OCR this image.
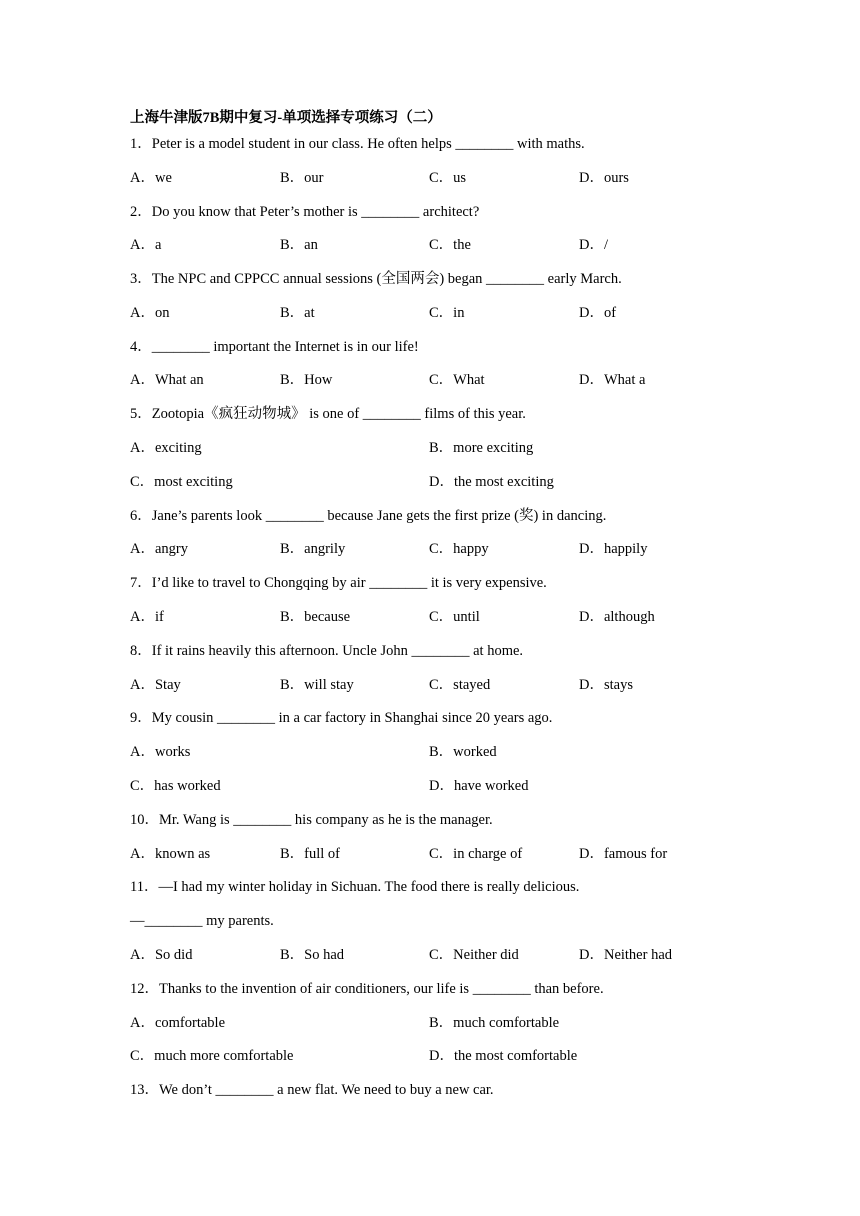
上海牛津版7B期中复习-单项选择专项练习（二）
1．Peter is a model student in our class. He often helps ________ with maths.
A．we	B．our	C．us	D．ours
2．Do you know that Peter’s mother is ________ architect?
A．a	B．an	C．the	D．/
3．The NPC and CPPCC annual sessions (全国两会) began ________ early March.
A．on	B．at	C．in	D．of
4．________ important the Internet is in our life!
A．What an	B．How	C．What	D．What a
5．Zootopia《疯狂动物城》 is one of ________ films of this year.
A．exciting	B．more exciting
C．most exciting	D．the most exciting
6．Jane’s parents look ________ because Jane gets the first prize (奖) in dancing.
A．angry	B．angrily	C．happy	D．happily
7．I’d like to travel to Chongqing by air ________ it is very expensive.
A．if	B．because	C．until	D．although
8．If it rains heavily this afternoon. Uncle John ________ at home.
A．Stay	B．will stay	C．stayed	D．stays
9．My cousin ________ in a car factory in Shanghai since 20 years ago.
A．works	B．worked
C．has worked	D．have worked
10．Mr. Wang is ________ his company as he is the manager.
A．known as	B．full of	C．in charge of	D．famous for
11．—I had my winter holiday in Sichuan. The food there is really delicious.
—________ my parents.
A．So did	B．So had	C．Neither did	D．Neither had
12．Thanks to the invention of air conditioners, our life is ________ than before.
A．comfortable	B．much comfortable
C．much more comfortable	D．the most comfortable
13．We don’t ________ a new flat. We need to buy a new car.
